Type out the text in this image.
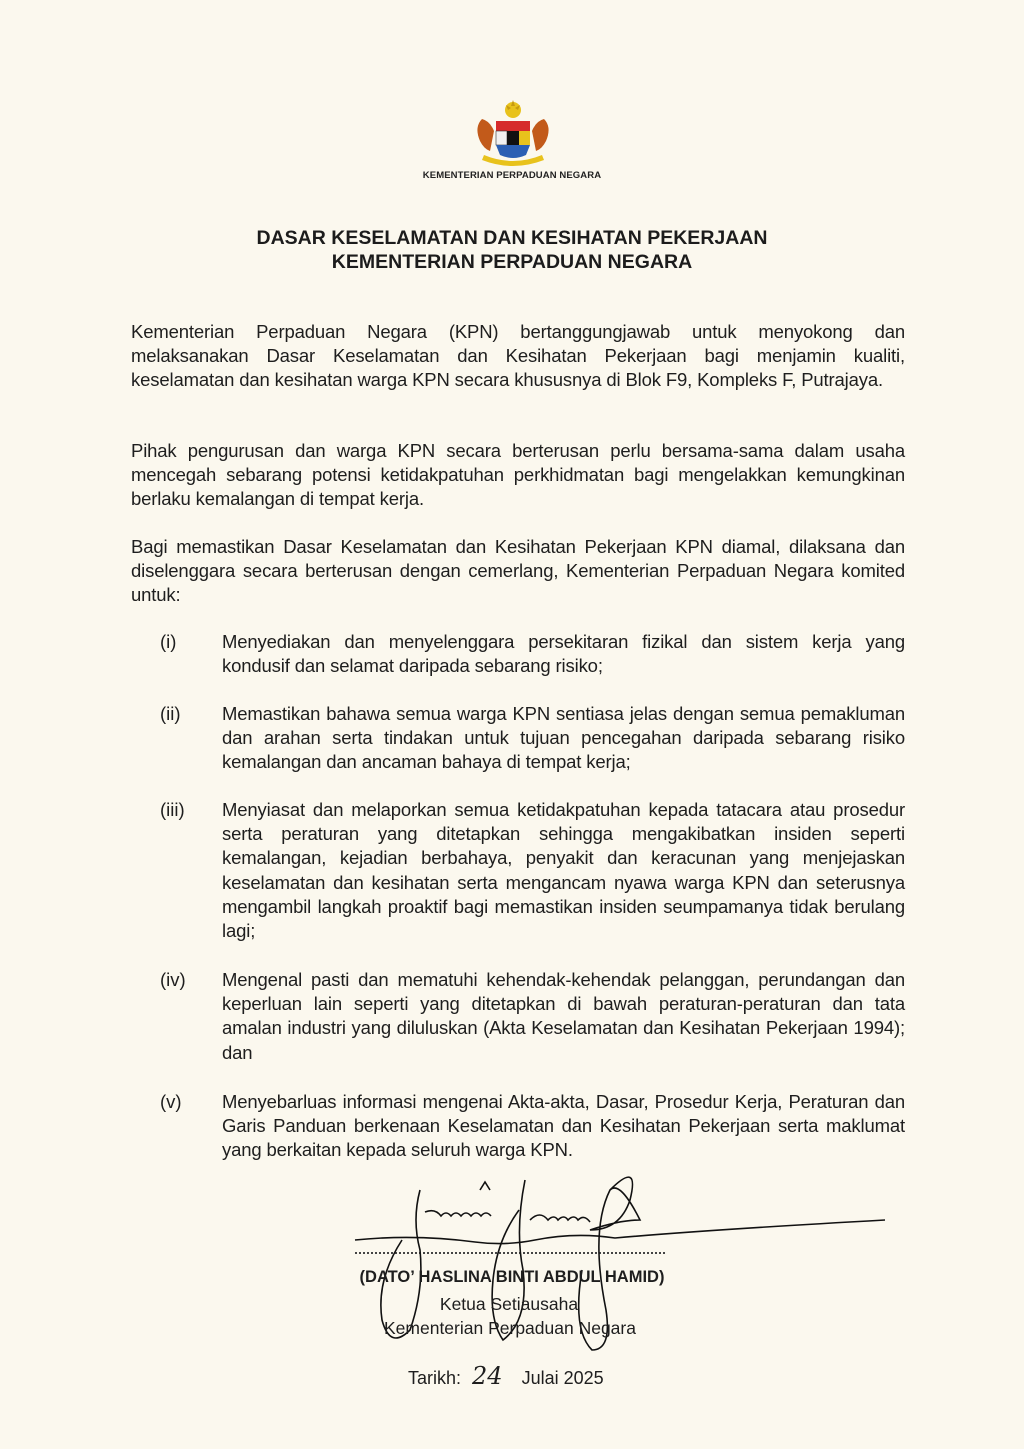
KEMENTERIAN PERPADUAN NEGARA
DASAR KESELAMATAN DAN KESIHATAN PEKERJAAN
KEMENTERIAN PERPADUAN NEGARA
Kementerian Perpaduan Negara (KPN) bertanggungjawab untuk menyokong dan melaksanakan Dasar Keselamatan dan Kesihatan Pekerjaan bagi menjamin kualiti, keselamatan dan kesihatan warga KPN secara khususnya di Blok F9, Kompleks F, Putrajaya.
Pihak pengurusan dan warga KPN secara berterusan perlu bersama-sama dalam usaha mencegah sebarang potensi ketidakpatuhan perkhidmatan bagi mengelakkan kemungkinan berlaku kemalangan di tempat kerja.
Bagi memastikan Dasar Keselamatan dan Kesihatan Pekerjaan KPN diamal, dilaksana dan diselenggara secara berterusan dengan cemerlang, Kementerian Perpaduan Negara komited untuk:
(i) Menyediakan dan menyelenggara persekitaran fizikal dan sistem kerja yang kondusif dan selamat daripada sebarang risiko;
(ii) Memastikan bahawa semua warga KPN sentiasa jelas dengan semua pemakluman dan arahan serta tindakan untuk tujuan pencegahan daripada sebarang risiko kemalangan dan ancaman bahaya di tempat kerja;
(iii) Menyiasat dan melaporkan semua ketidakpatuhan kepada tatacara atau prosedur serta peraturan yang ditetapkan sehingga mengakibatkan insiden seperti kemalangan, kejadian berbahaya, penyakit dan keracunan yang menjejaskan keselamatan dan kesihatan serta mengancam nyawa warga KPN dan seterusnya mengambil langkah proaktif bagi memastikan insiden seumpamanya tidak berulang lagi;
(iv) Mengenal pasti dan mematuhi kehendak-kehendak pelanggan, perundangan dan keperluan lain seperti yang ditetapkan di bawah peraturan-peraturan dan tata amalan industri yang diluluskan (Akta Keselamatan dan Kesihatan Pekerjaan 1994); dan
(v) Menyebarluas informasi mengenai Akta-akta, Dasar, Prosedur Kerja, Peraturan dan Garis Panduan berkenaan Keselamatan dan Kesihatan Pekerjaan serta maklumat yang berkaitan kepada seluruh warga KPN.
(DATO’ HASLINA BINTI ABDUL HAMID)
Ketua Setiausaha
Kementerian Perpaduan Negara
Tarikh: 24 Julai 2025
